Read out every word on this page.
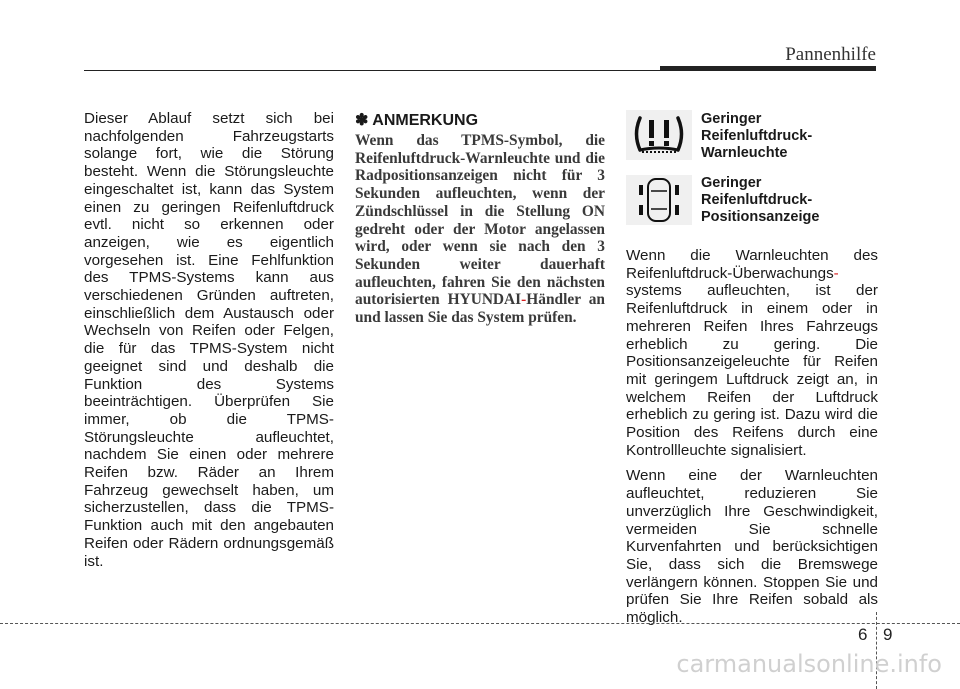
Pannenhilfe

Dieser Ablauf setzt sich bei nachfolgenden Fahrzeugstarts solange fort, wie die Störung besteht. Wenn die Störungsleuchte eingeschaltet ist, kann das System einen zu geringen Reifenluftdruck evtl. nicht so erkennen oder anzeigen, wie es eigentlich vorgesehen ist. Eine Fehlfunktion des TPMS-Systems kann aus verschiedenen Gründen auftreten, einschließlich dem Austausch oder Wechseln von Reifen oder Felgen, die für das TPMS-System nicht geeignet sind und deshalb die Funktion des Systems beeinträchtigen. Überprüfen Sie immer, ob die TPMS-Störungsleuchte aufleuchtet, nachdem Sie einen oder mehrere Reifen bzw. Räder an Ihrem Fahrzeug gewechselt haben, um sicherzustellen, dass die TPMS-Funktion auch mit den angebauten Reifen oder Rädern ordnungsgemäß ist.

✽ ANMERKUNG
Wenn das TPMS-Symbol, die Reifenluftdruck-Warnleuchte und die Radpositionsanzeigen nicht für 3 Sekunden aufleuchten, wenn der Zündschlüssel in die Stellung ON gedreht oder der Motor angelassen wird, oder wenn sie nach den 3 Sekunden weiter dauerhaft aufleuchten, fahren Sie den nächsten autorisierten HYUNDAI-Händler an und lassen Sie das System prüfen.
Geringer
Reifenluftdruck-
Warnleuchte
Geringer
Reifenluftdruck-
Positionsanzeige

Wenn die Warnleuchten des Reifenluftdruck-Überwachungs-systems aufleuchten, ist der Reifenluftdruck in einem oder in mehreren Reifen Ihres Fahrzeugs erheblich zu gering. Die Positionsanzeigeleuchte für Reifen mit geringem Luftdruck zeigt an, in welchem Reifen der Luftdruck erheblich zu gering ist. Dazu wird die Position des Reifens durch eine Kontrollleuchte signalisiert.

Wenn eine der Warnleuchten aufleuchtet, reduzieren Sie unverzüglich Ihre Geschwindigkeit, vermeiden Sie schnelle Kurvenfahrten und berücksichtigen Sie, dass sich die Bremswege verlängern können. Stoppen Sie und prüfen Sie Ihre Reifen sobald als möglich.

6 9
carmanualsonline.info
